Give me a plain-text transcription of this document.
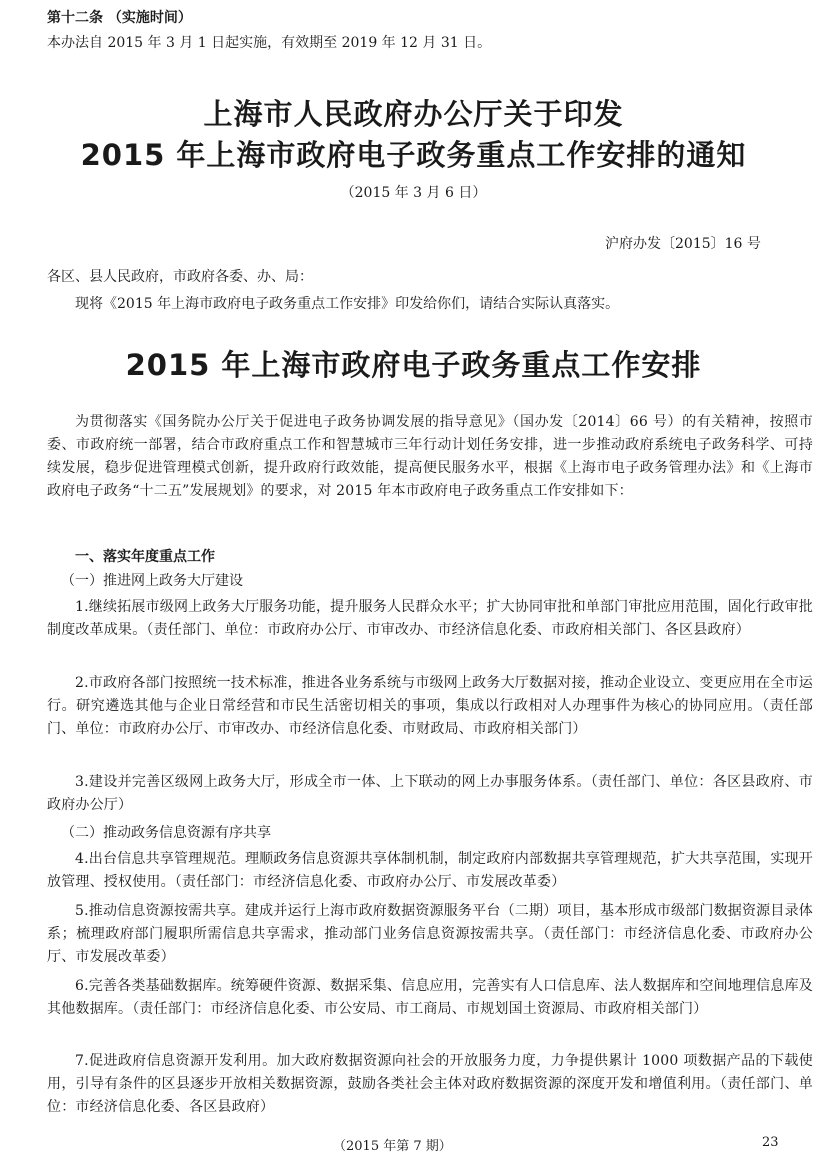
第十二条 （实施时间）
本办法自 2015 年 3 月 1 日起实施，有效期至 2019 年 12 月 31 日。
上海市人民政府办公厅关于印发
2015 年上海市政府电子政务重点工作安排的通知
（2015 年 3 月 6 日）
沪府办发〔2015〕16 号
各区、县人民政府，市政府各委、办、局：
现将《2015 年上海市政府电子政务重点工作安排》印发给你们，请结合实际认真落实。
2015 年上海市政府电子政务重点工作安排
为贯彻落实《国务院办公厅关于促进电子政务协调发展的指导意见》（国办发〔2014〕66 号）的有关精神，按照市委、市政府统一部署，结合市政府重点工作和智慧城市三年行动计划任务安排，进一步推动政府系统电子政务科学、可持续发展，稳步促进管理模式创新，提升政府行政效能，提高便民服务水平，根据《上海市电子政务管理办法》和《上海市政府电子政务“十二五”发展规划》的要求，对 2015 年本市政府电子政务重点工作安排如下：
一、落实年度重点工作
（一）推进网上政务大厅建设
1.继续拓展市级网上政务大厅服务功能，提升服务人民群众水平；扩大协同审批和单部门审批应用范围，固化行政审批制度改革成果。（责任部门、单位：市政府办公厅、市审改办、市经济信息化委、市政府相关部门、各区县政府）
2.市政府各部门按照统一技术标准，推进各业务系统与市级网上政务大厅数据对接，推动企业设立、变更应用在全市运行。研究遴选其他与企业日常经营和市民生活密切相关的事项，集成以行政相对人办理事件为核心的协同应用。（责任部门、单位：市政府办公厅、市审改办、市经济信息化委、市财政局、市政府相关部门）
3.建设并完善区级网上政务大厅，形成全市一体、上下联动的网上办事服务体系。（责任部门、单位：各区县政府、市政府办公厅）
（二）推动政务信息资源有序共享
4.出台信息共享管理规范。理顺政务信息资源共享体制机制，制定政府内部数据共享管理规范，扩大共享范围，实现开放管理、授权使用。（责任部门：市经济信息化委、市政府办公厅、市发展改革委）
5.推动信息资源按需共享。建成并运行上海市政府数据资源服务平台（二期）项目，基本形成市级部门数据资源目录体系；梳理政府部门履职所需信息共享需求，推动部门业务信息资源按需共享。（责任部门：市经济信息化委、市政府办公厅、市发展改革委）
6.完善各类基础数据库。统筹硬件资源、数据采集、信息应用，完善实有人口信息库、法人数据库和空间地理信息库及其他数据库。（责任部门：市经济信息化委、市公安局、市工商局、市规划国土资源局、市政府相关部门）
7.促进政府信息资源开发利用。加大政府数据资源向社会的开放服务力度，力争提供累计 1000 项数据产品的下载使用，引导有条件的区县逐步开放相关数据资源，鼓励各类社会主体对政府数据资源的深度开发和增值利用。（责任部门、单位：市经济信息化委、各区县政府）
（2015 年第 7 期）	23
